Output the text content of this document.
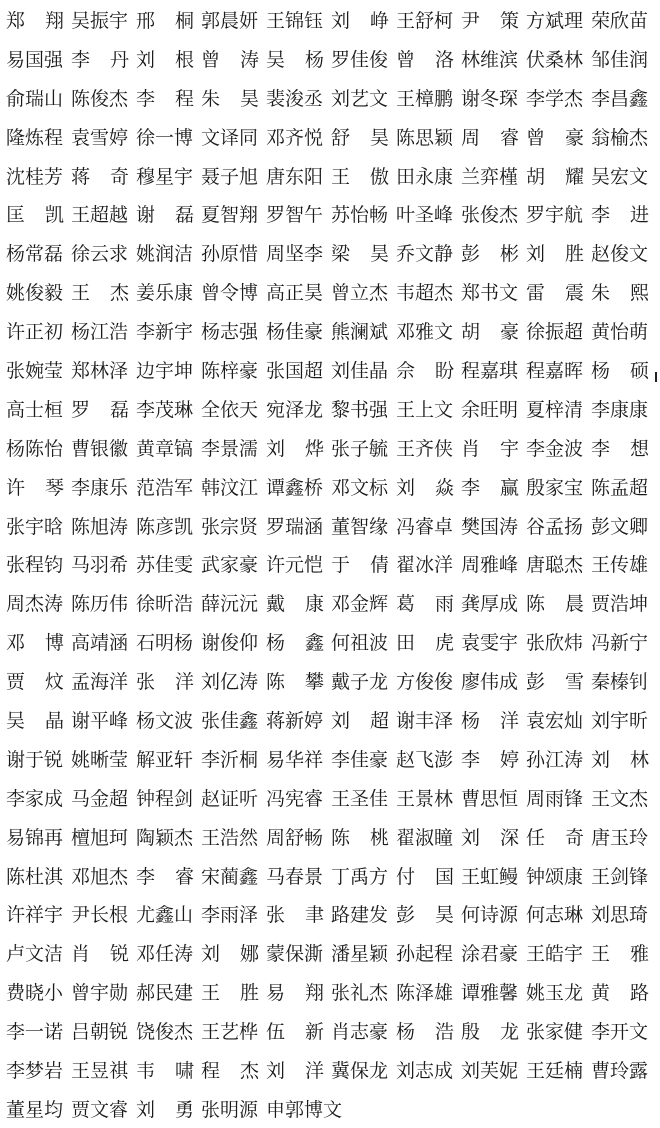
郑 翔 吴振宇 邢 桐 郭晨妍 王锦钰 刘 峥 王舒柯 尹 策 方斌理 荣欣苗
易国强 李 丹 刘 根 曾 涛 吴 杨 罗佳俊 曾 洛 林维滨 伏桑林 邹佳润
俞瑞山 陈俊杰 李 程 朱 昊 裴浚丞 刘艺文 王樟鹏 谢冬琛 李学杰 李昌鑫
隆炼程 袁雪婷 徐一博 文译同 邓齐悦 舒 昊 陈思颖 周 睿 曾 豪 翁榆杰
沈桂芳 蒋 奇 穆星宇 聂子旭 唐东阳 王 傲 田永康 兰弈槿 胡 耀 吴宏文
匡 凯 王超越 谢 磊 夏智翔 罗智午 苏怡畅 叶圣峰 张俊杰 罗宇航 李 进
杨常磊 徐云求 姚润洁 孙原惜 周坚李 梁 昊 乔文静 彭 彬 刘 胜 赵俊文
姚俊毅 王 杰 姜乐康 曾令博 高正昊 曾立杰 韦超杰 郑书文 雷 震 朱 熙
许正初 杨江浩 李新宇 杨志强 杨佳豪 熊澜斌 邓雅文 胡 豪 徐振超 黄怡萌
张婉莹 郑林泽 边宇坤 陈梓豪 张国超 刘佳晶 佘 盼 程嘉琪 程嘉晖 杨 硕
高士桓 罗 磊 李茂琳 全依天 宛泽龙 黎书强 王上文 余旺明 夏梓清 李康康
杨陈怡 曹银徽 黄章镐 李景濡 刘 烨 张子毓 王齐侠 肖 宇 李金波 李 想
许 琴 李康乐 范浩军 韩汶江 谭鑫桥 邓文标 刘 焱 李 赢 殷家宝 陈孟超
张宇晗 陈旭涛 陈彦凯 张宗贤 罗瑞涵 董智缘 冯睿卓 樊国涛 谷孟扬 彭文卿
张程钧 马羽希 苏佳雯 武家豪 许元恺 于 倩 翟冰洋 周雅峰 唐聪杰 王传雄
周杰涛 陈历伟 徐昕浩 薛沅沅 戴 康 邓金辉 葛 雨 龚厚成 陈 晨 贾浩坤
邓 博 高靖涵 石明杨 谢俊仰 杨 鑫 何祖波 田 虎 袁雯宇 张欣炜 冯新宁
贾 炆 孟海洋 张 洋 刘亿涛 陈 攀 戴子龙 方俊俊 廖伟成 彭 雪 秦榛钊
吴 晶 谢平峰 杨文波 张佳鑫 蒋新婷 刘 超 谢丰泽 杨 洋 袁宏灿 刘宇昕
谢于锐 姚晰莹 解亚轩 李沂桐 易华祥 李佳豪 赵飞澎 李 婷 孙江涛 刘 林
李家成 马金超 钟程剑 赵证听 冯宪睿 王圣佳 王景林 曹思恒 周雨锋 王文杰
易锦再 檀旭珂 陶颖杰 王浩然 周舒畅 陈 桃 翟淑瞳 刘 深 任 奇 唐玉玲
陈杜淇 邓旭杰 李 睿 宋蔺鑫 马春景 丁禹方 付 国 王虹鳗 钟颂康 王剑锋
许祥宇 尹长根 尤鑫山 李雨泽 张 聿 路建发 彭 昊 何诗源 何志琳 刘思琦
卢文洁 肖 锐 邓任涛 刘 娜 蒙保澌 潘星颖 孙起程 涂君豪 王皓宇 王 雅
费晓小 曾宇勋 郝民建 王 胜 易 翔 张礼杰 陈泽雄 谭雅馨 姚玉龙 黄 路
李一诺 吕朝锐 饶俊杰 王艺桦 伍 新 肖志豪 杨 浩 殷 龙 张家健 李开文
李梦岩 王昱祺 韦 啸 程 杰 刘 洋 冀保龙 刘志成 刘芙妮 王廷楠 曹玲露
董星均 贾文睿 刘 勇 张明源 申郭博文
